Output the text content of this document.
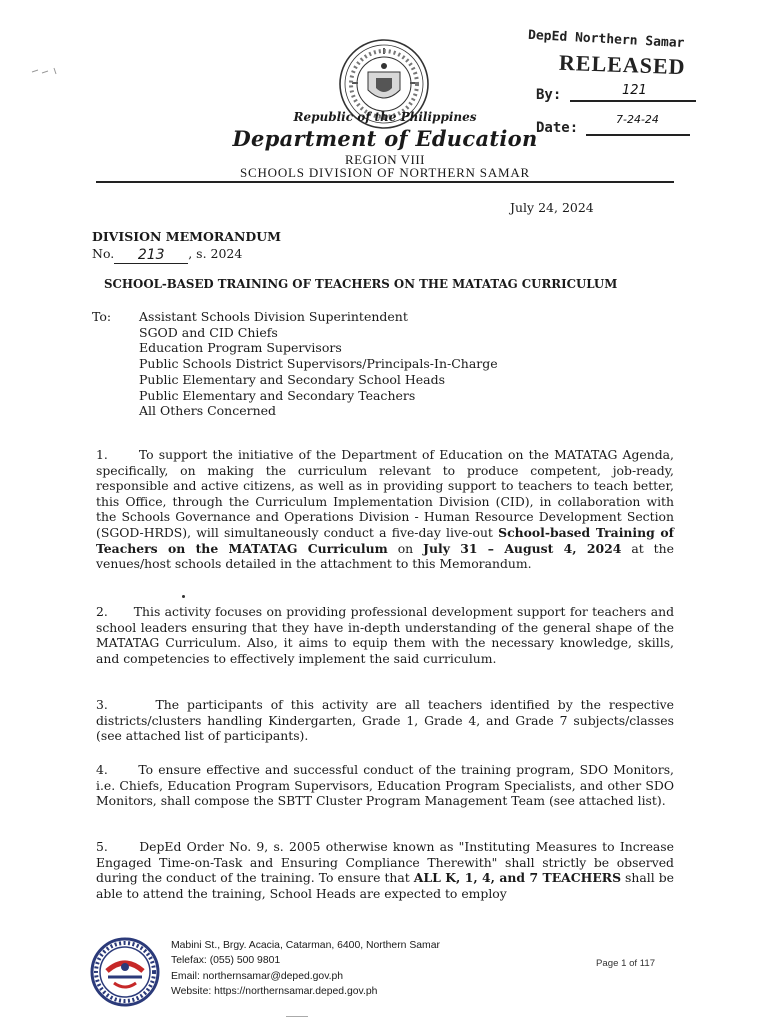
Republic of the Philippines
Department of Education
REGION VIII
SCHOOLS DIVISION OF NORTHERN SAMAR
DepEd Northern Samar
RELEASED
By:	121
Date:
7-24-24
July 24, 2024
DIVISION MEMORANDUM
No. 213 , s. 2024
SCHOOL-BASED TRAINING OF TEACHERS ON THE MATATAG CURRICULUM
To: Assistant Schools Division Superintendent
SGOD and CID Chiefs
Education Program Supervisors
Public Schools District Supervisors/Principals-In-Charge
Public Elementary and Secondary School Heads
Public Elementary and Secondary Teachers
All Others Concerned

1.      To support the initiative of the Department of Education on the MATATAG Agenda, specifically, on making the curriculum relevant to produce competent, job-ready, responsible and active citizens, as well as in providing support to teachers to teach better, this Office, through the Curriculum Implementation Division (CID), in collaboration with the Schools Governance and Operations Division - Human Resource Development Section (SGOD-HRDS), will simultaneously conduct a five-day live-out School-based Training of Teachers on the MATATAG Curriculum on July 31 – August 4, 2024 at the venues/host schools detailed in the attachment to this Memorandum.

2.      This activity focuses on providing professional development support for teachers and school leaders ensuring that they have in-depth understanding of the general shape of the MATATAG Curriculum. Also, it aims to equip them with the necessary knowledge, skills, and competencies to effectively implement the said curriculum.

3.      The participants of this activity are all teachers identified by the respective districts/clusters handling Kindergarten, Grade 1, Grade 4, and Grade 7 subjects/classes (see attached list of participants).

4.      To ensure effective and successful conduct of the training program, SDO Monitors, i.e. Chiefs, Education Program Supervisors, Education Program Specialists, and other SDO Monitors, shall compose the SBTT Cluster Program Management Team (see attached list).

5.      DepEd Order No. 9, s. 2005 otherwise known as "Instituting Measures to Increase Engaged Time-on-Task and Ensuring Compliance Therewith" shall strictly be observed during the conduct of the training. To ensure that ALL K, 1, 4, and 7 TEACHERS shall be able to attend the training, School Heads are expected to employ

Mabini St., Brgy. Acacia, Catarman, 6400, Northern Samar
Telefax: (055) 500 9801
Email: northernsamar@deped.gov.ph
Website: https://northernsamar.deped.gov.ph
Page 1 of 117
